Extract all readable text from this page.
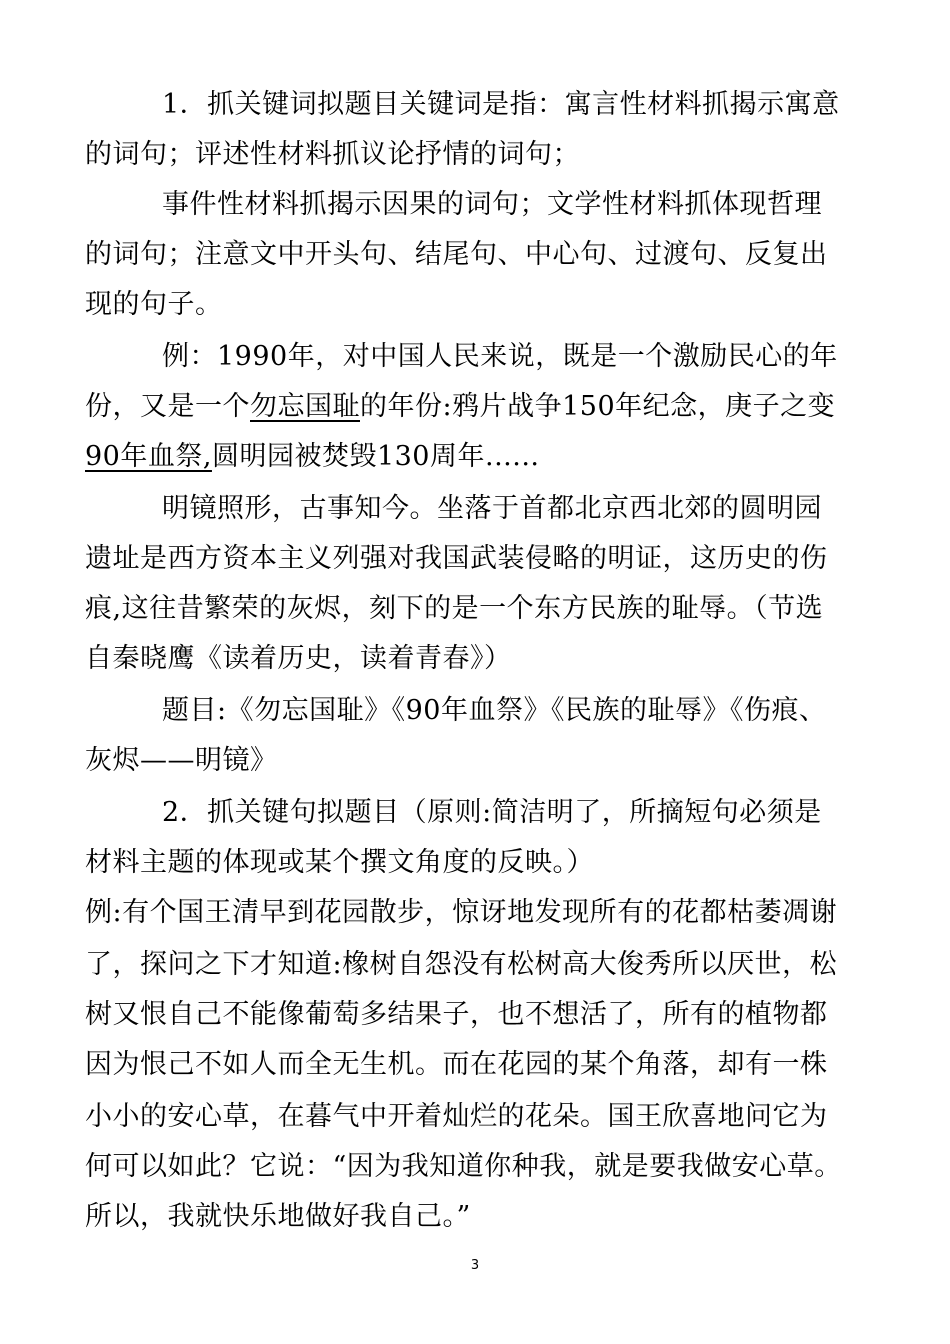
1．抓关键词拟题目关键词是指：寓言性材料抓揭示寓意
的词句；评述性材料抓议论抒情的词句；
事件性材料抓揭示因果的词句；文学性材料抓体现哲理
的词句；注意文中开头句、结尾句、中心句、过渡句、反复出
现的句子。
例：1990年，对中国人民来说，既是一个激励民心的年
份，又是一个勿忘国耻的年份:鸦片战争150年纪念，庚子之变
90年血祭,圆明园被焚毁130周年......
明镜照形，古事知今。坐落于首都北京西北郊的圆明园
遗址是西方资本主义列强对我国武装侵略的明证，这历史的伤
痕,这往昔繁荣的灰烬，刻下的是一个东方民族的耻辱。（节选
自秦晓鹰《读着历史，读着青春》）
题目:《勿忘国耻》《90年血祭》《民族的耻辱》《伤痕、
灰烬——明镜》
2．抓关键句拟题目（原则:简洁明了，所摘短句必须是
材料主题的体现或某个撰文角度的反映。）
例:有个国王清早到花园散步，惊讶地发现所有的花都枯萎凋谢
了，探问之下才知道:橡树自怨没有松树高大俊秀所以厌世，松
树又恨自己不能像葡萄多结果子，也不想活了，所有的植物都
因为恨己不如人而全无生机。而在花园的某个角落，却有一株
小小的安心草，在暮气中开着灿烂的花朵。国王欣喜地问它为
何可以如此？它说：“因为我知道你种我，就是要我做安心草。
所以，我就快乐地做好我自己。”
3
